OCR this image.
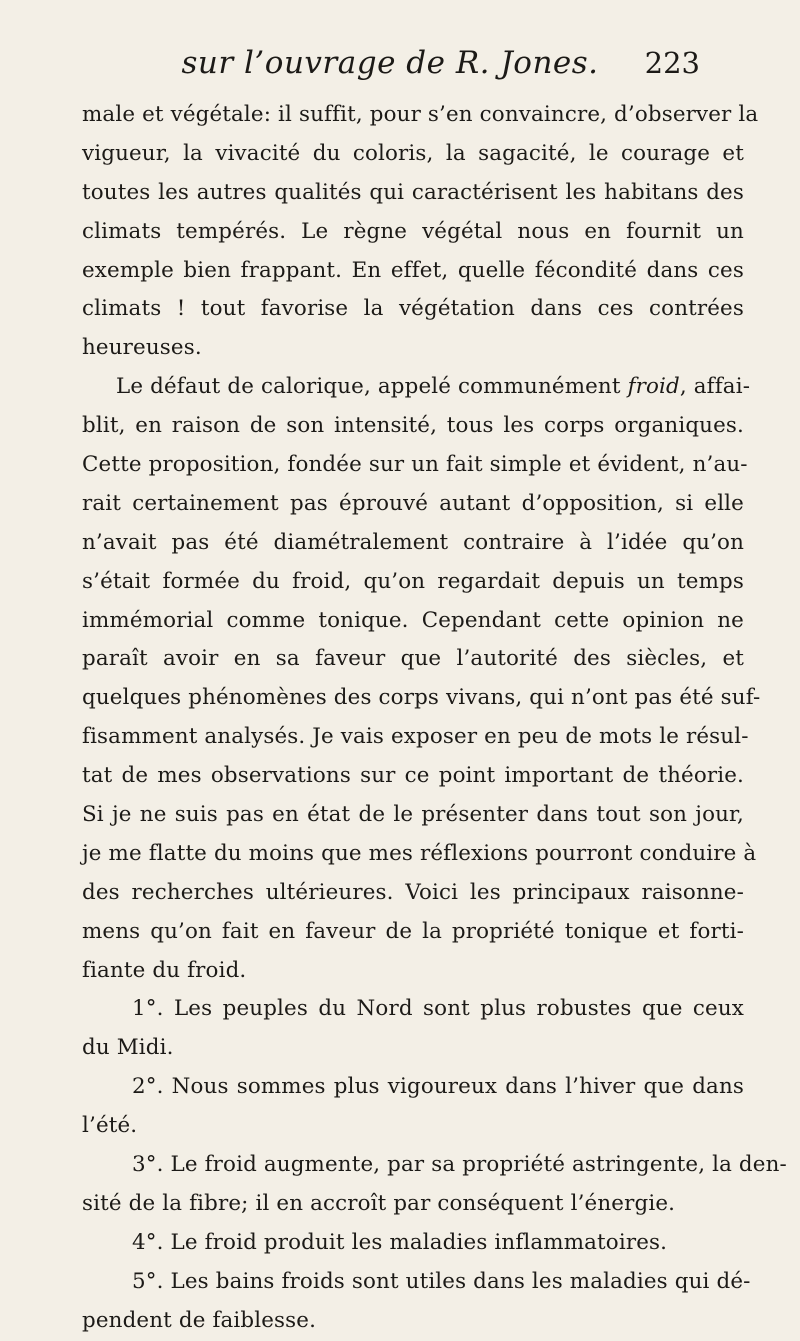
sur l’ouvrage de R. Jones.	223

male et végétale: il suffit, pour s’en convaincre, d’observer la
vigueur, la vivacité du coloris, la sagacité, le courage et
toutes les autres qualités qui caractérisent les habitans des
climats tempérés. Le règne végétal nous en fournit un
exemple bien frappant. En effet, quelle fécondité dans ces
climats ! tout favorise la végétation dans ces contrées
heureuses.

Le défaut de calorique, appelé communément froid, affai-
blit, en raison de son intensité, tous les corps organiques.
Cette proposition, fondée sur un fait simple et évident, n’au-
rait certainement pas éprouvé autant d’opposition, si elle
n’avait pas été diamétralement contraire à l’idée qu’on
s’était formée du froid, qu’on regardait depuis un temps
immémorial comme tonique. Cependant cette opinion ne
paraît avoir en sa faveur que l’autorité des siècles, et
quelques phénomènes des corps vivans, qui n’ont pas été suf-
fisamment analysés. Je vais exposer en peu de mots le résul-
tat de mes observations sur ce point important de théorie.
Si je ne suis pas en état de le présenter dans tout son jour,
je me flatte du moins que mes réflexions pourront conduire à
des recherches ultérieures. Voici les principaux raisonne-
mens qu’on fait en faveur de la propriété tonique et forti-
fiante du froid.

1°. Les peuples du Nord sont plus robustes que ceux
du Midi.

2°. Nous sommes plus vigoureux dans l’hiver que dans
l’été.

3°. Le froid augmente, par sa propriété astringente, la den-
sité de la fibre; il en accroît par conséquent l’énergie.

4°. Le froid produit les maladies inflammatoires.

5°. Les bains froids sont utiles dans les maladies qui dé-
pendent de faiblesse.
